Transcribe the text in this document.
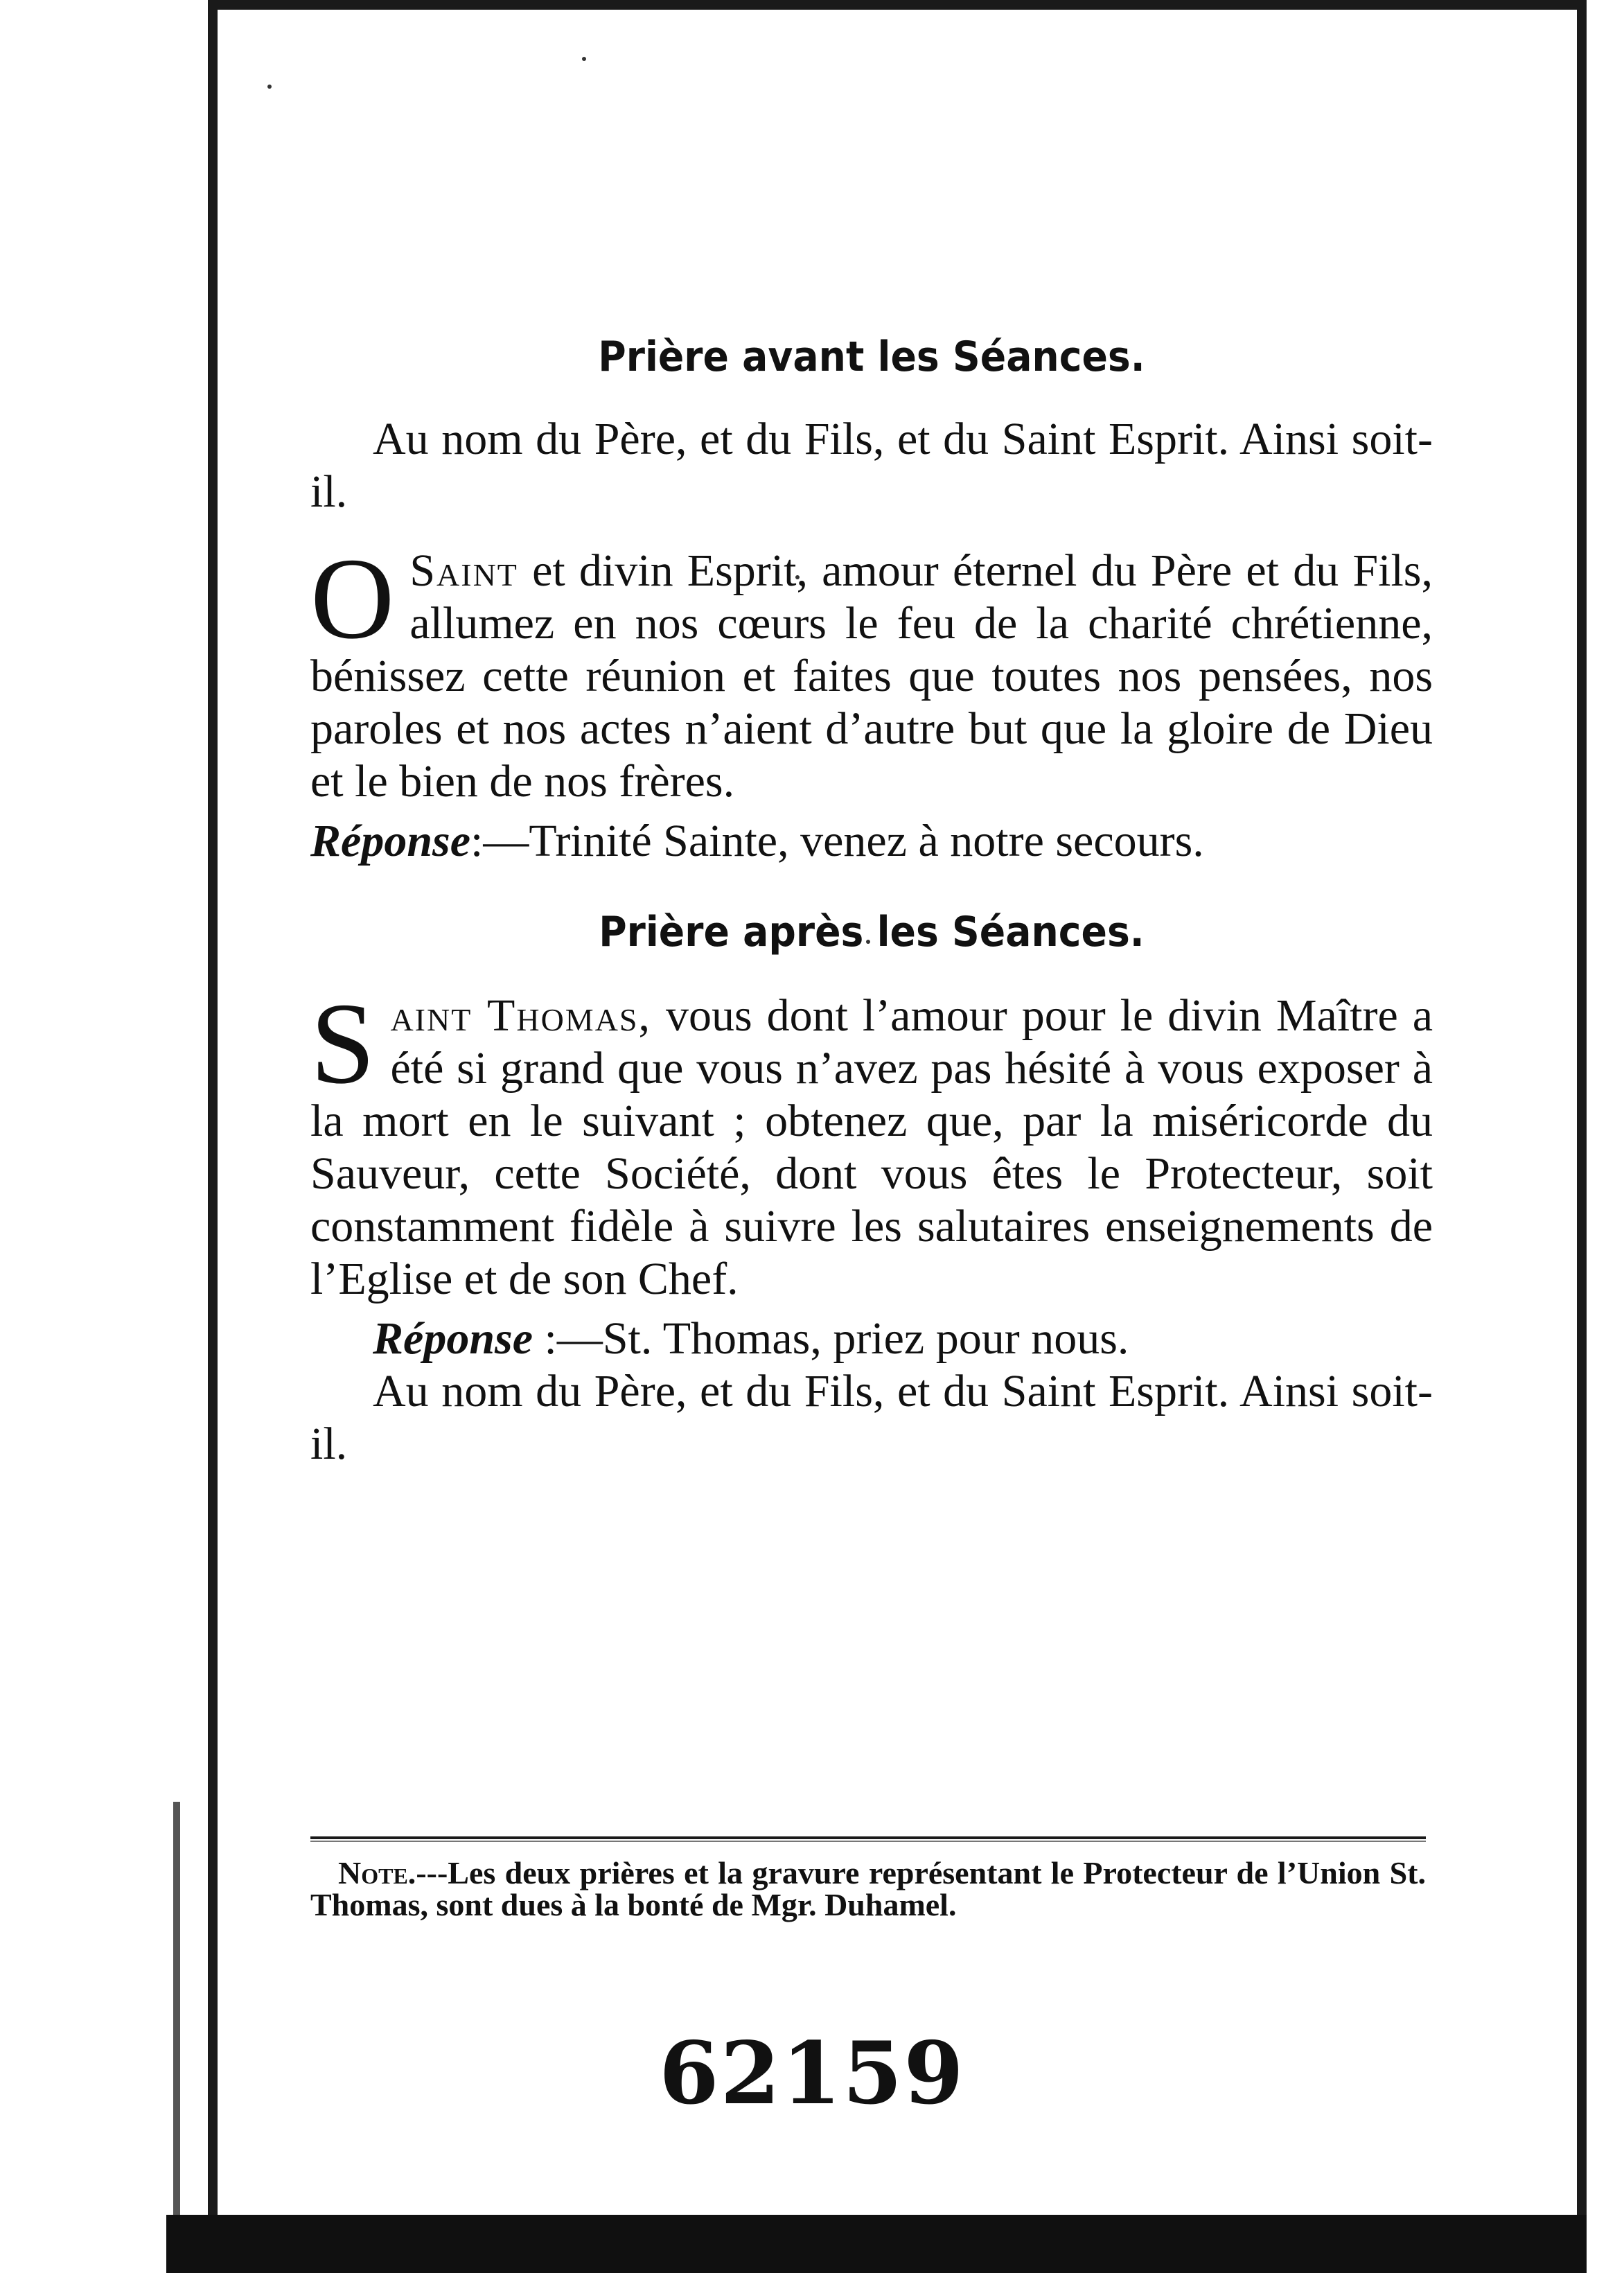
Prière avant les Séances.

Au nom du Père, et du Fils, et du Saint Esprit. Ainsi soit-il.

O Saint et divin Esprit, amour éternel du Père et du Fils, allumez en nos cœurs le feu de la charité chrétienne, bénissez cette réunion et faites que toutes nos pensées, nos paroles et nos actes n’aient d’autre but que la gloire de Dieu et le bien de nos frères.

Réponse:—Trinité Sainte, venez à notre secours.

Prière après les Séances.

Saint Thomas, vous dont l’amour pour le divin Maître a été si grand que vous n’avez pas hésité à vous exposer à la mort en le suivant ; obtenez que, par la miséricorde du Sauveur, cette Société, dont vous êtes le Protecteur, soit constamment fidèle à suivre les salutaires enseignements de l’Eglise et de son Chef.

Réponse :—St. Thomas, priez pour nous.

Au nom du Père, et du Fils, et du Saint Esprit. Ainsi soit-il.

Note.---Les deux prières et la gravure représentant le Protecteur de l’Union St. Thomas, sont dues à la bonté de Mgr. Duhamel.

62159
